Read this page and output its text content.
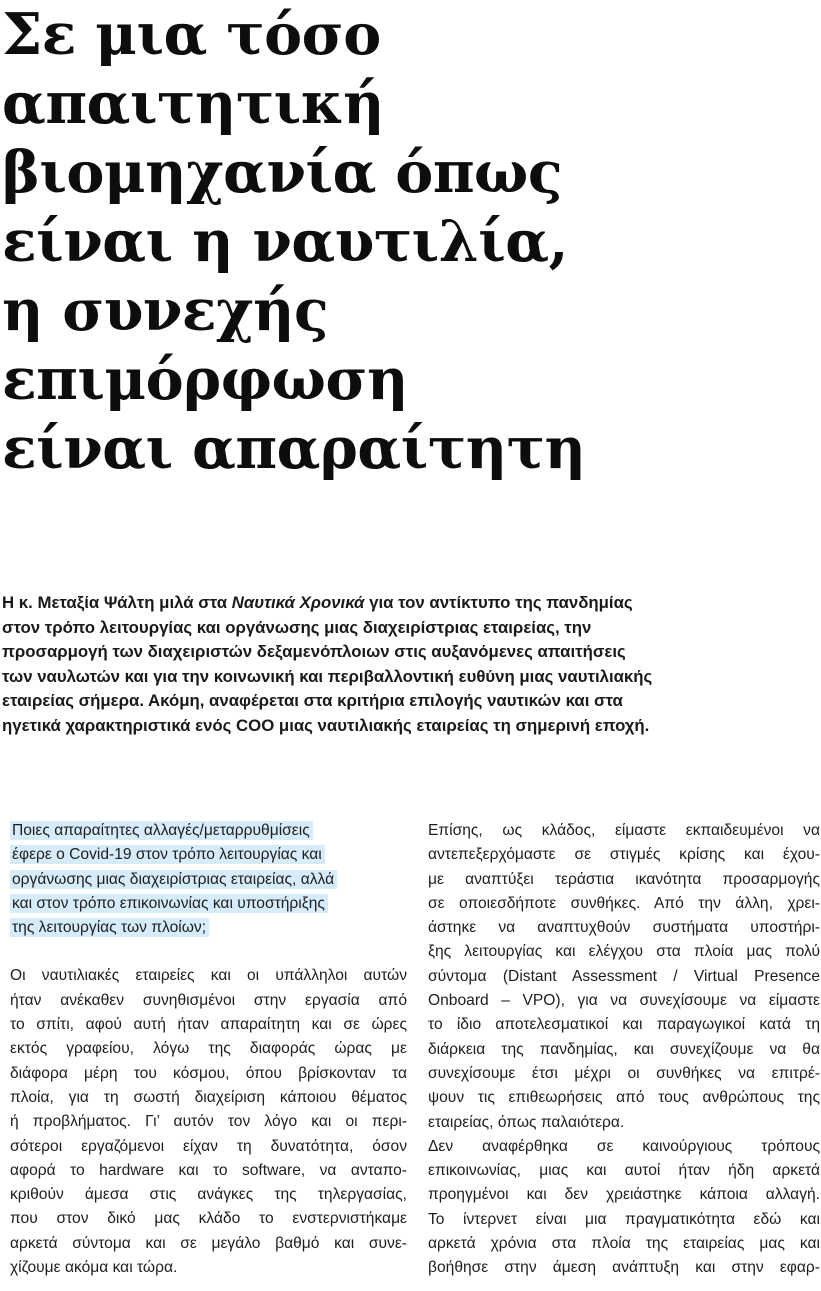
Σε μια τόσο
απαιτητική
βιομηχανία όπως
είναι η ναυτιλία,
η συνεχής
επιμόρφωση
είναι απαραίτητη

Η κ. Μεταξία Ψάλτη μιλά στα Ναυτικά Χρονικά για τον αντίκτυπο της πανδημίας
στον τρόπο λειτουργίας και οργάνωσης μιας διαχειρίστριας εταιρείας, την
προσαρμογή των διαχειριστών δεξαμενόπλοιων στις αυξανόμενες απαιτήσεις
των ναυλωτών και για την κοινωνική και περιβαλλοντική ευθύνη μιας ναυτιλιακής
εταιρείας σήμερα. Ακόμη, αναφέρεται στα κριτήρια επιλογής ναυτικών και στα
ηγετικά χαρακτηριστικά ενός COO μιας ναυτιλιακής εταιρείας τη σημερινή εποχή.

Ποιες απαραίτητες αλλαγές/μεταρρυθμίσεις
έφερε ο Covid-19 στον τρόπο λειτουργίας και
οργάνωσης μιας διαχειρίστριας εταιρείας, αλλά
και στον τρόπο επικοινωνίας και υποστήριξης
της λειτουργίας των πλοίων;
Οι ναυτιλιακές εταιρείες και οι υπάλληλοι αυτών
ήταν ανέκαθεν συνηθισμένοι στην εργασία από
το σπίτι, αφού αυτή ήταν απαραίτητη και σε ώρες
εκτός γραφείου, λόγω της διαφοράς ώρας με
διάφορα μέρη του κόσμου, όπου βρίσκονταν τα
πλοία, για τη σωστή διαχείριση κάποιου θέματος
ή προβλήματος. Γι’ αυτόν τον λόγο και οι περι-
σότεροι εργαζόμενοι είχαν τη δυνατότητα, όσον
αφορά το hardware και το software, να ανταπο-
κριθούν άμεσα στις ανάγκες της τηλεργασίας,
που στον δικό μας κλάδο το ενστερνιστήκαμε
αρκετά σύντομα και σε μεγάλο βαθμό και συνε-
χίζουμε ακόμα και τώρα.
Επίσης, ως κλάδος, είμαστε εκπαιδευμένοι να
αντεπεξερχόμαστε σε στιγμές κρίσης και έχου-
με αναπτύξει τεράστια ικανότητα προσαρμογής
σε οποιεσδήποτε συνθήκες. Από την άλλη, χρει-
άστηκε να αναπτυχθούν συστήματα υποστήρι-
ξης λειτουργίας και ελέγχου στα πλοία μας πολύ
σύντομα (Distant Assessment / Virtual Presence
Onboard – VPO), για να συνεχίσουμε να είμαστε
το ίδιο αποτελεσματικοί και παραγωγικοί κατά τη
διάρκεια της πανδημίας, και συνεχίζουμε να θα
συνεχίσουμε έτσι μέχρι οι συνθήκες να επιτρέ-
ψουν τις επιθεωρήσεις από τους ανθρώπους της
εταιρείας, όπως παλαιότερα.
Δεν αναφέρθηκα σε καινούργιους τρόπους
επικοινωνίας, μιας και αυτοί ήταν ήδη αρκετά
προηγμένοι και δεν χρειάστηκε κάποια αλλαγή.
Το ίντερνετ είναι μια πραγματικότητα εδώ και
αρκετά χρόνια στα πλοία της εταιρείας μας και
βοήθησε στην άμεση ανάπτυξη και στην εφαρ-
